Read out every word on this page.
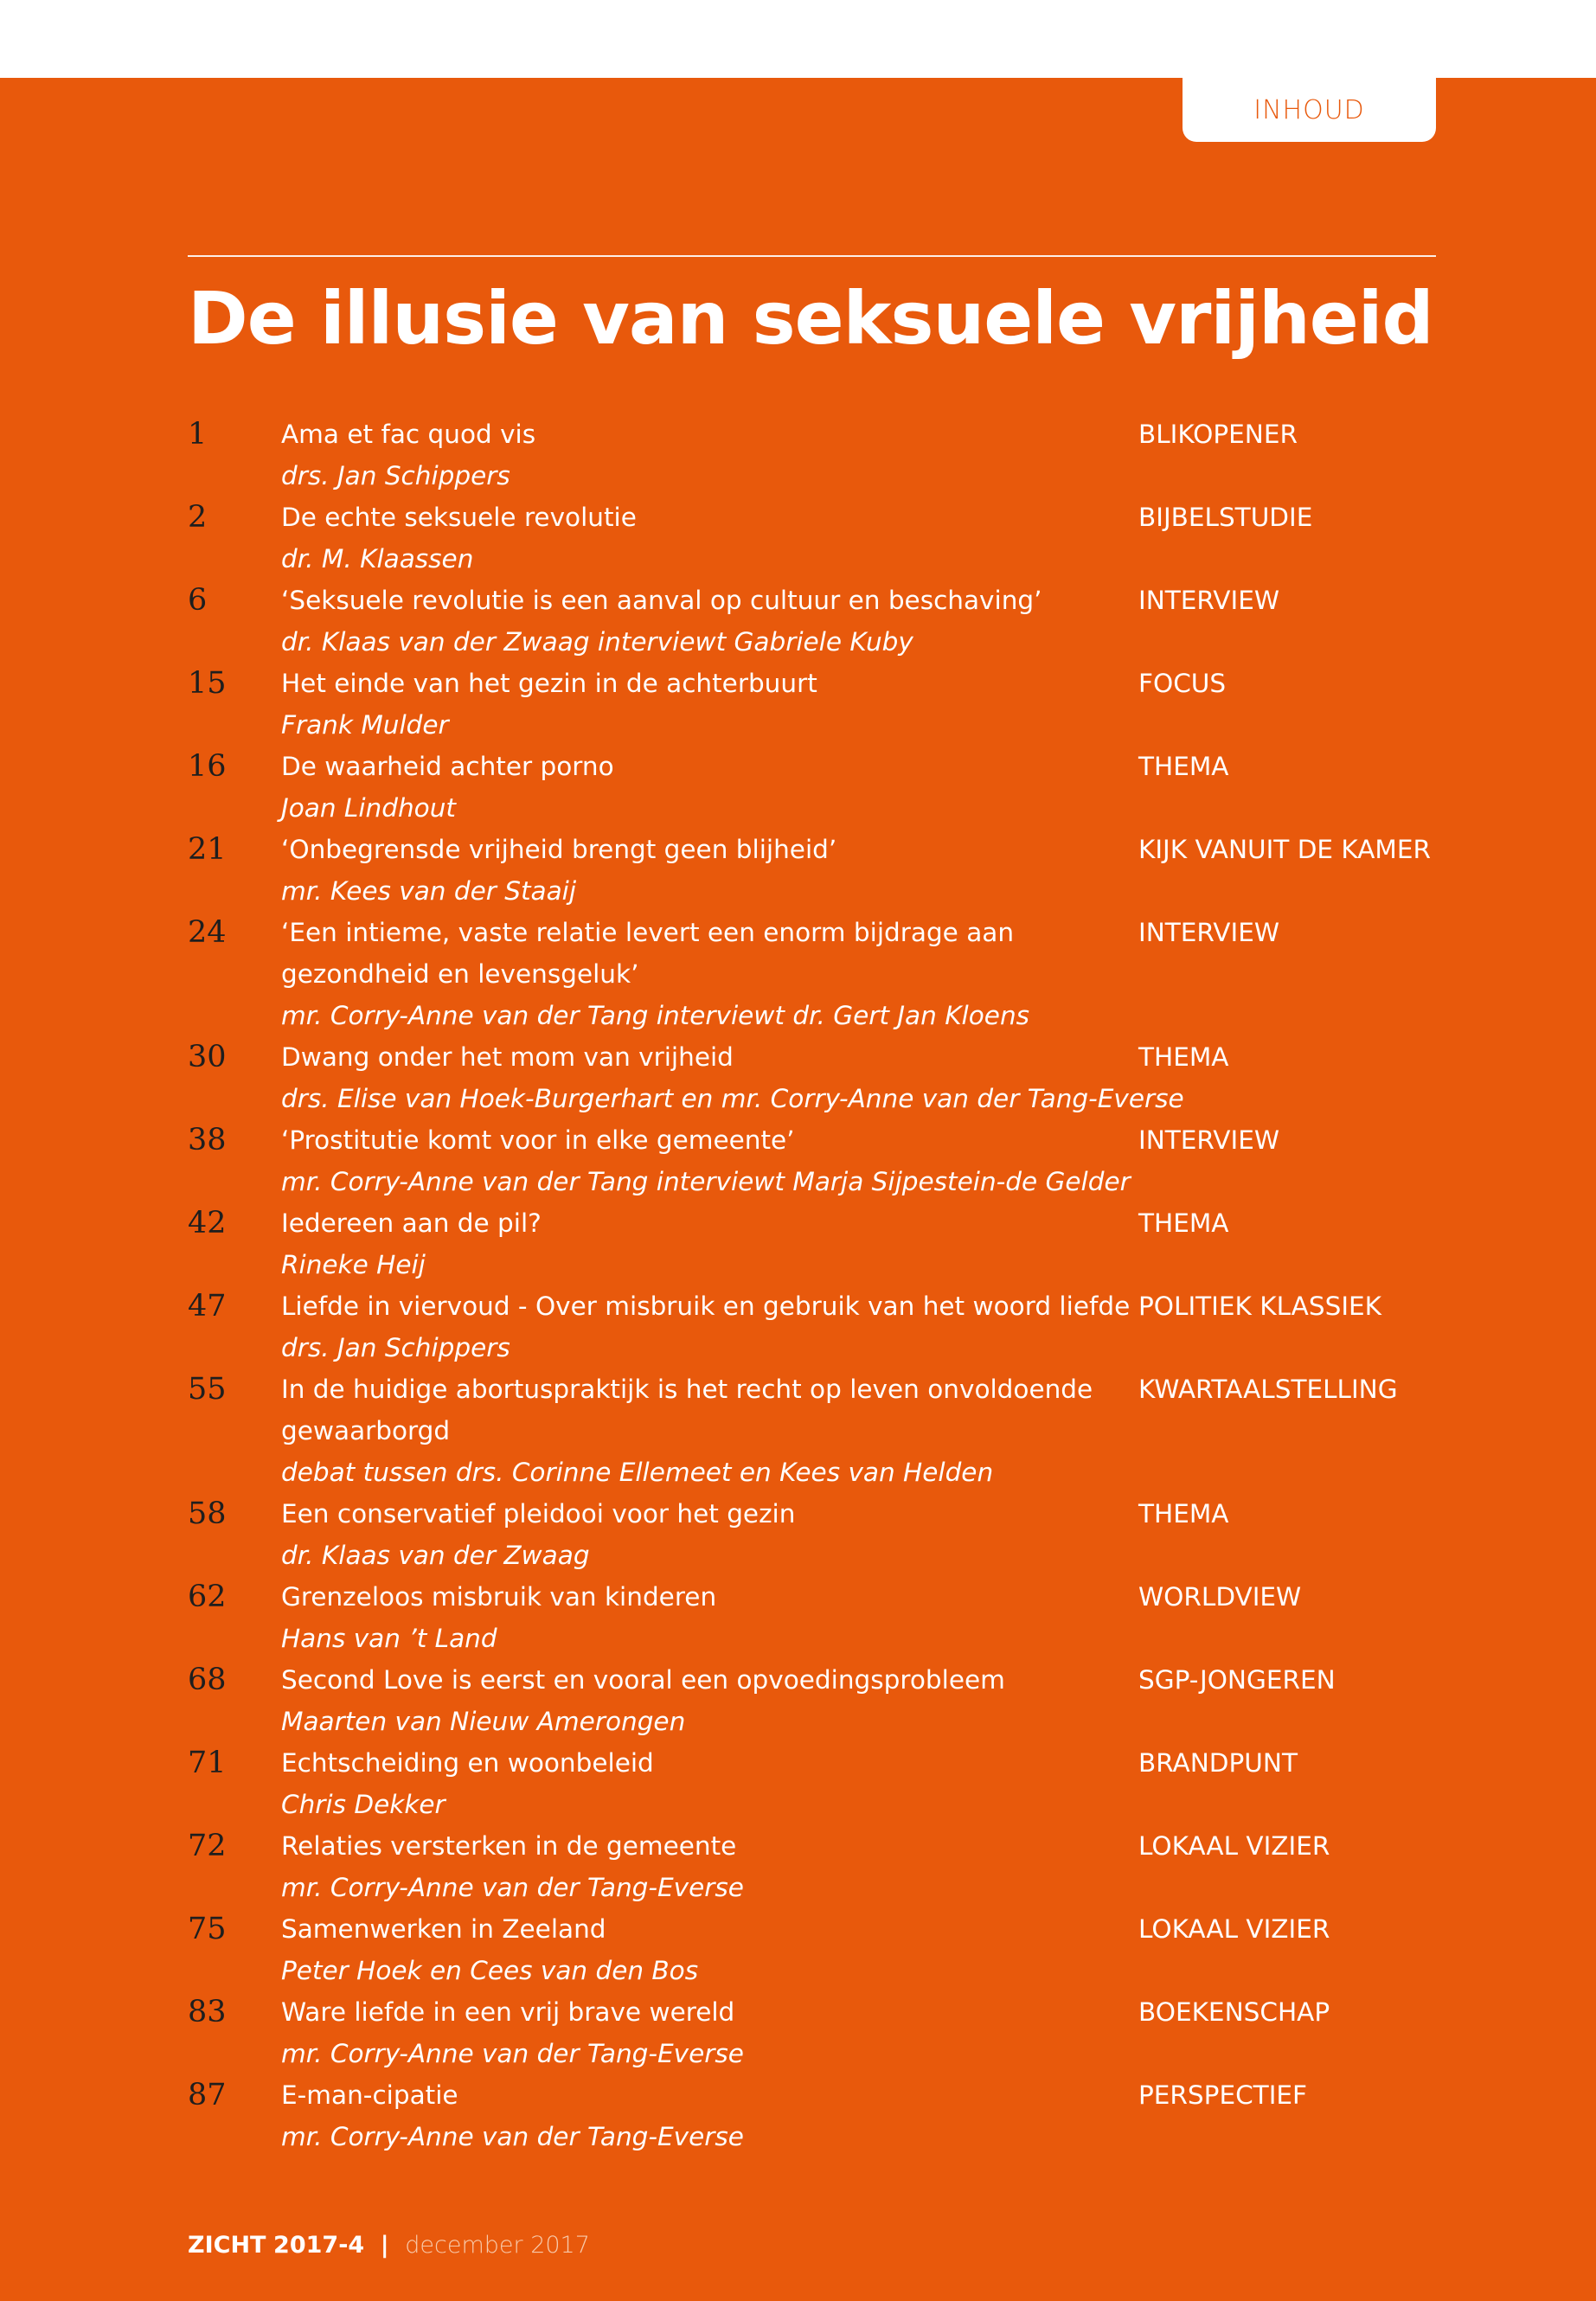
INHOUD
De illusie van seksuele vrijheid
1	Ama et fac quod vis
drs. Jan Schippers
BLIKOPENER
2	De echte seksuele revolutie
dr. M. Klaassen
BIJBELSTUDIE
6	‘Seksuele revolutie is een aanval op cultuur en beschaving’
dr. Klaas van der Zwaag interviewt Gabriele Kuby
INTERVIEW
15 Het einde van het gezin in de achterbuurt
Frank Mulder
FOCUS
16 De waarheid achter porno
Joan Lindhout
THEMA
21 ‘Onbegrensde vrijheid brengt geen blijheid’
mr. Kees van der Staaij
KIJK VANUIT DE KAMER
24 ‘Een intieme, vaste relatie levert een enorm bijdrage aan gezondheid en levensgeluk’
mr. Corry-Anne van der Tang interviewt dr. Gert Jan Kloens
INTERVIEW
30 Dwang onder het mom van vrijheid
drs. Elise van Hoek-Burgerhart en mr. Corry-Anne van der Tang-Everse
THEMA
38 ‘Prostitutie komt voor in elke gemeente’
mr. Corry-Anne van der Tang interviewt Marja Sijpestein-de Gelder
INTERVIEW
42 Iedereen aan de pil?
Rineke Heij
THEMA
47 Liefde in viervoud - Over misbruik en gebruik van het woord liefde
drs. Jan Schippers
POLITIEK KLASSIEK
55 In de huidige abortuspraktijk is het recht op leven onvoldoende gewaarborgd
debat tussen drs. Corinne Ellemeet en Kees van Helden
KWARTAALSTELLING
58 Een conservatief pleidooi voor het gezin
dr. Klaas van der Zwaag
THEMA
62 Grenzeloos misbruik van kinderen
Hans van ’t Land
WORLDVIEW
68 Second Love is eerst en vooral een opvoedingsprobleem
Maarten van Nieuw Amerongen
SGP-JONGEREN
71 Echtscheiding en woonbeleid
Chris Dekker
BRANDPUNT
72 Relaties versterken in de gemeente
mr. Corry-Anne van der Tang-Everse
LOKAAL VIZIER
75 Samenwerken in Zeeland
Peter Hoek en Cees van den Bos
LOKAAL VIZIER
83 Ware liefde in een vrij brave wereld
mr. Corry-Anne van der Tang-Everse
BOEKENSCHAP
87 E-man-cipatie
mr. Corry-Anne van der Tang-Everse
PERSPECTIEF
ZICHT 2017-4 | december 2017
